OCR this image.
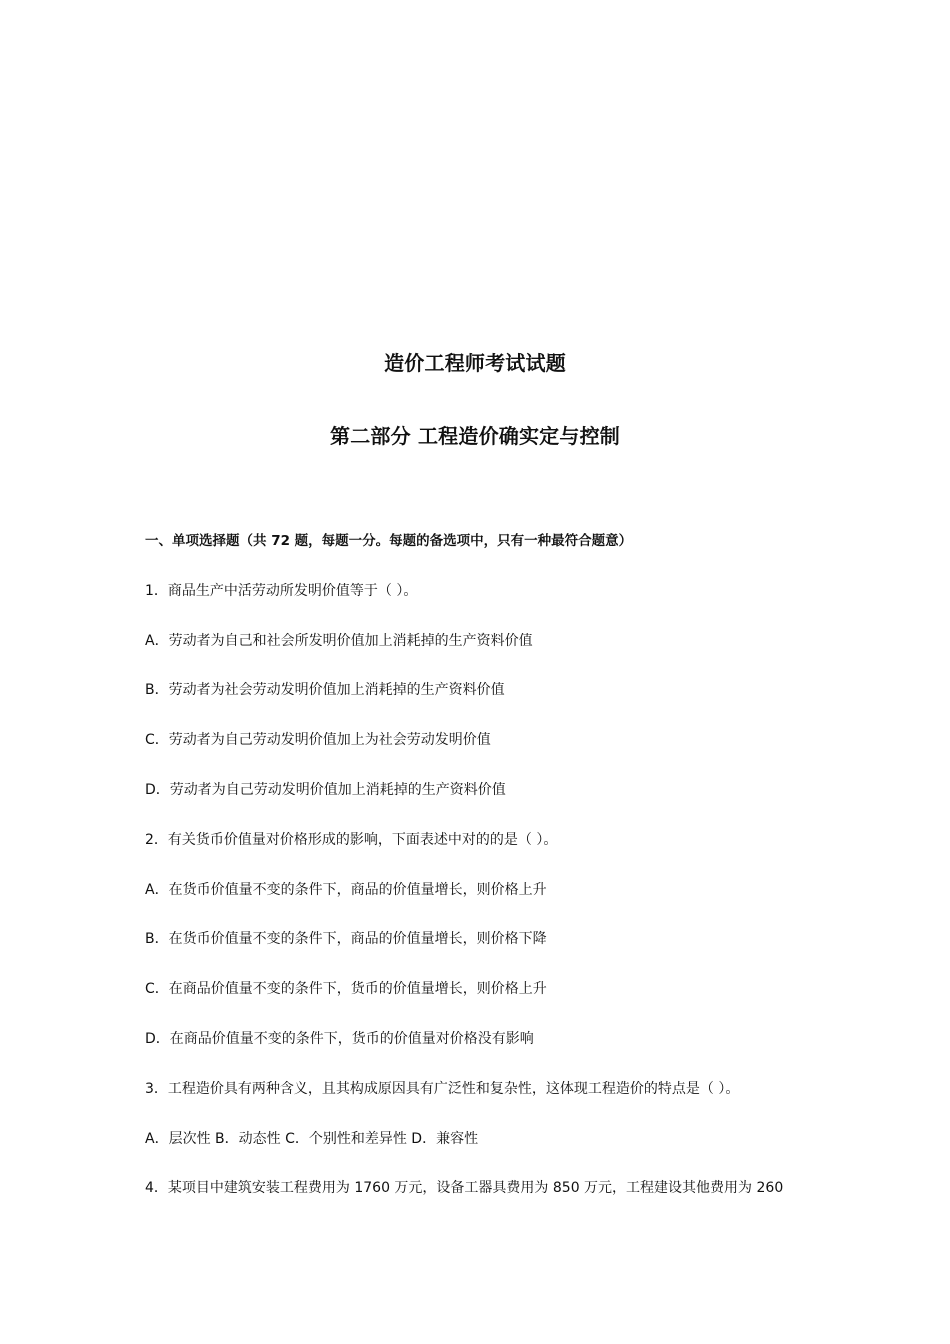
造价工程师考试试题
第二部分 工程造价确实定与控制
一、单项选择题（共 72 题，每题一分。每题的备选项中，只有一种最符合题意）
1．商品生产中活劳动所发明价值等于（ ）。
A．劳动者为自己和社会所发明价值加上消耗掉的生产资料价值
B．劳动者为社会劳动发明价值加上消耗掉的生产资料价值
C．劳动者为自己劳动发明价值加上为社会劳动发明价值
D．劳动者为自己劳动发明价值加上消耗掉的生产资料价值
2．有关货币价值量对价格形成的影响，下面表述中对的的是（ ）。
A．在货币价值量不变的条件下，商品的价值量增长，则价格上升
B．在货币价值量不变的条件下，商品的价值量增长，则价格下降
C．在商品价值量不变的条件下，货币的价值量增长，则价格上升
D．在商品价值量不变的条件下，货币的价值量对价格没有影响
3．工程造价具有两种含义，且其构成原因具有广泛性和复杂性，这体现工程造价的特点是（ ）。
A．层次性 B．动态性 C．个别性和差异性 D．兼容性
4．某项目中建筑安装工程费用为 1760 万元，设备工器具费用为 850 万元，工程建设其他费用为 260
